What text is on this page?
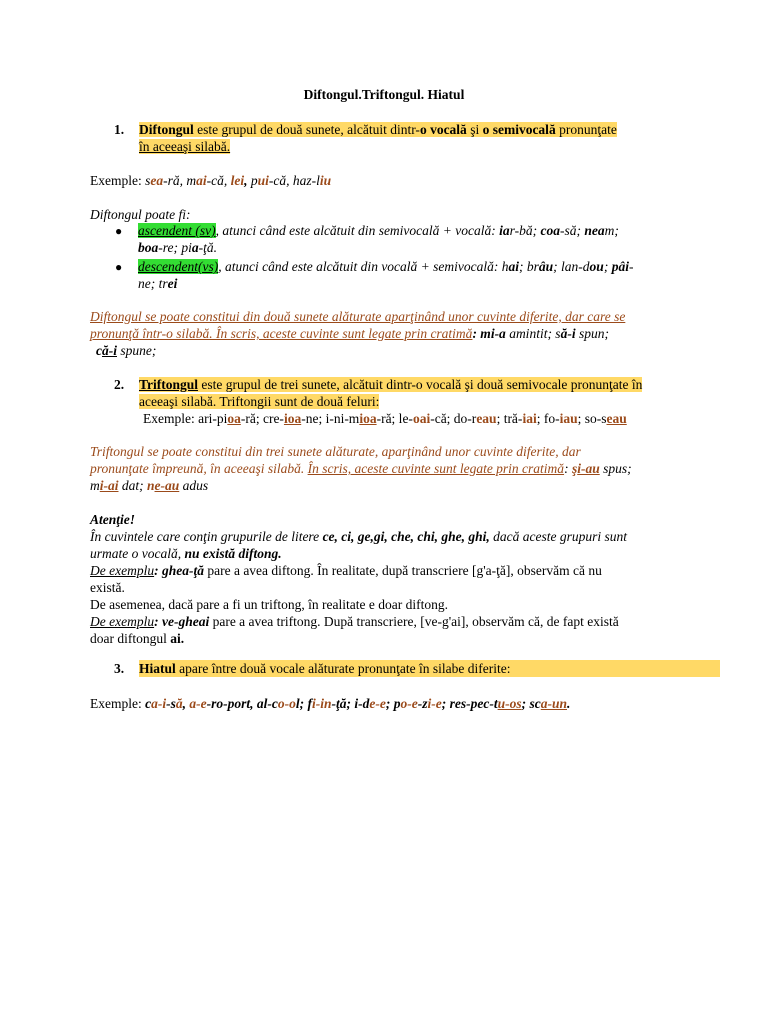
Diftongul.Triftongul. Hiatul
1. Diftongul este grupul de două sunete, alcătuit dintr-o vocală şi o semivocală pronunţate
în aceeaşi silabă.
Exemple: sea-ră, mai-că, lei, pui-că, haz-liu
Diftongul poate fi:
● ascendent (sv), atunci când este alcătuit din semivocală + vocală: iar-bă; coa-să; neam;
boa-re; pia-ţă.
● descendent(vs), atunci când este alcătuit din vocală + semivocală: hai; brâu; lan-dou; pâi-
ne; trei
Diftongul se poate constitui din două sunete alăturate aparţinând unor cuvinte diferite, dar care se
pronunţă într-o silabă. În scris, aceste cuvinte sunt legate prin cratimă: mi-a amintit; să-i spun;

că-i spune;
2. Triftongul este grupul de trei sunete, alcătuit dintr-o vocală şi două semivocale pronunţate în
aceeaşi silabă. Triftongii sunt de două feluri:
Exemple: ari-pioa-ră; cre-ioa-ne; i-ni-mioa-ră; le-oai-că; do-reau; tră-iai; fo-iau; so-seau
Triftongul se poate constitui din trei sunete alăturate, aparţinând unor cuvinte diferite, dar
pronunţate împreună, în aceeaşi silabă. În scris, aceste cuvinte sunt legate prin cratimă: şi-au spus;
mi-ai dat; ne-au adus
Atenţie!
În cuvintele care conţin grupurile de litere ce, ci, ge,gi, che, chi, ghe, ghi, dacă aceste grupuri sunt
urmate o vocală, nu există diftong.
De exemplu: ghea-ţă pare a avea diftong. În realitate, după transcriere [g'a-ţă], observăm că nu
există.
De asemenea, dacă pare a fi un triftong, în realitate e doar diftong.
De exemplu: ve-gheai pare a avea triftong. După transcriere, [ve-g'ai], observăm că, de fapt există
doar diftongul ai.
3. Hiatul apare între două vocale alăturate pronunţate în silabe diferite:
Exemple: ca-i-să, a-e-ro-port, al-co-ol; fi-in-ţă; i-de-e; po-e-zi-e; res-pec-tu-os; sca-un.
